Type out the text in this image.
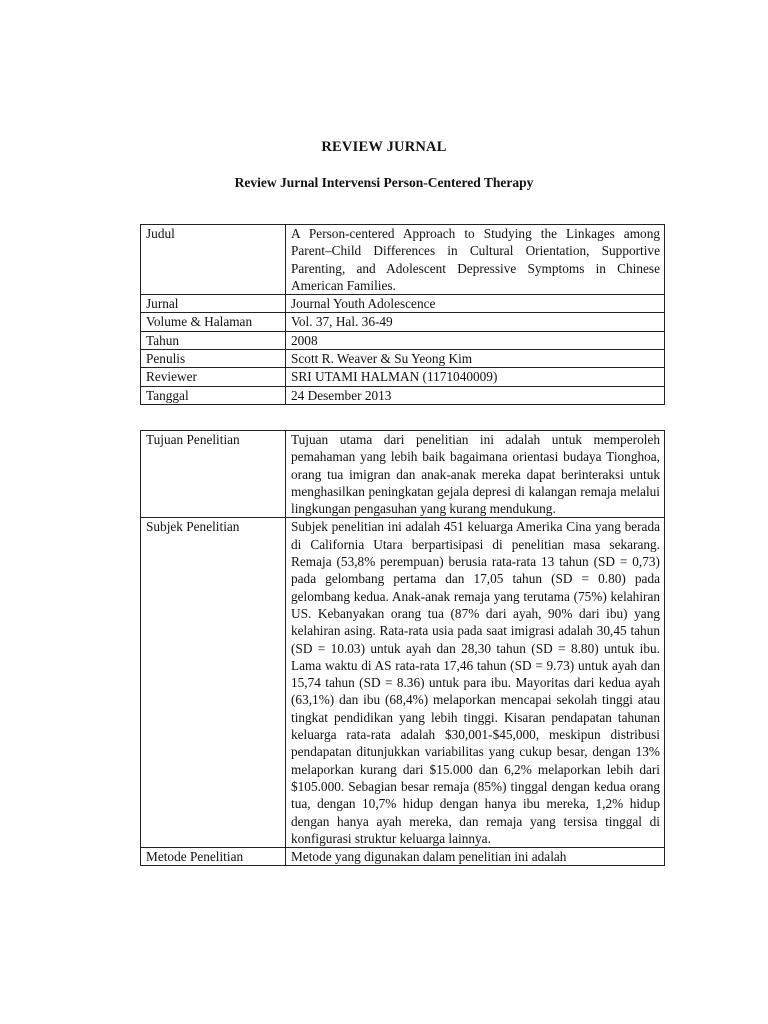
REVIEW JURNAL
Review Jurnal Intervensi Person-Centered Therapy
Judul	A Person-centered Approach to Studying the Linkages among Parent–Child Differences in Cultural Orientation, Supportive Parenting, and Adolescent Depressive Symptoms in Chinese American Families.
Jurnal	Journal Youth Adolescence
Volume & Halaman	Vol. 37, Hal. 36-49
Tahun	2008
Penulis	Scott R. Weaver & Su Yeong Kim
Reviewer	SRI UTAMI HALMAN (1171040009)
Tanggal	24 Desember 2013
Tujuan Penelitian	Tujuan utama dari penelitian ini adalah untuk memperoleh pemahaman yang lebih baik bagaimana orientasi budaya Tionghoa, orang tua imigran dan anak-anak mereka dapat berinteraksi untuk menghasilkan peningkatan gejala depresi di kalangan remaja melalui lingkungan pengasuhan yang kurang mendukung.
Subjek Penelitian	Subjek penelitian ini adalah 451 keluarga Amerika Cina yang berada di California Utara berpartisipasi di penelitian masa sekarang. Remaja (53,8% perempuan) berusia rata-rata 13 tahun (SD = 0,73) pada gelombang pertama dan 17,05 tahun (SD = 0.80) pada gelombang kedua. Anak-anak remaja yang terutama (75%) kelahiran US. Kebanyakan orang tua (87% dari ayah, 90% dari ibu) yang kelahiran asing. Rata-rata usia pada saat imigrasi adalah 30,45 tahun (SD = 10.03) untuk ayah dan 28,30 tahun (SD = 8.80) untuk ibu. Lama waktu di AS rata-rata 17,46 tahun (SD = 9.73) untuk ayah dan 15,74 tahun (SD = 8.36) untuk para ibu. Mayoritas dari kedua ayah (63,1%) dan ibu (68,4%) melaporkan mencapai sekolah tinggi atau tingkat pendidikan yang lebih tinggi. Kisaran pendapatan tahunan keluarga rata-rata adalah $30,001-$45,000, meskipun distribusi pendapatan ditunjukkan variabilitas yang cukup besar, dengan 13% melaporkan kurang dari $15.000 dan 6,2% melaporkan lebih dari $105.000. Sebagian besar remaja (85%) tinggal dengan kedua orang tua, dengan 10,7% hidup dengan hanya ibu mereka, 1,2% hidup dengan hanya ayah mereka, dan remaja yang tersisa tinggal di konfigurasi struktur keluarga lainnya.
Metode Penelitian	Metode yang digunakan dalam penelitian ini adalah
